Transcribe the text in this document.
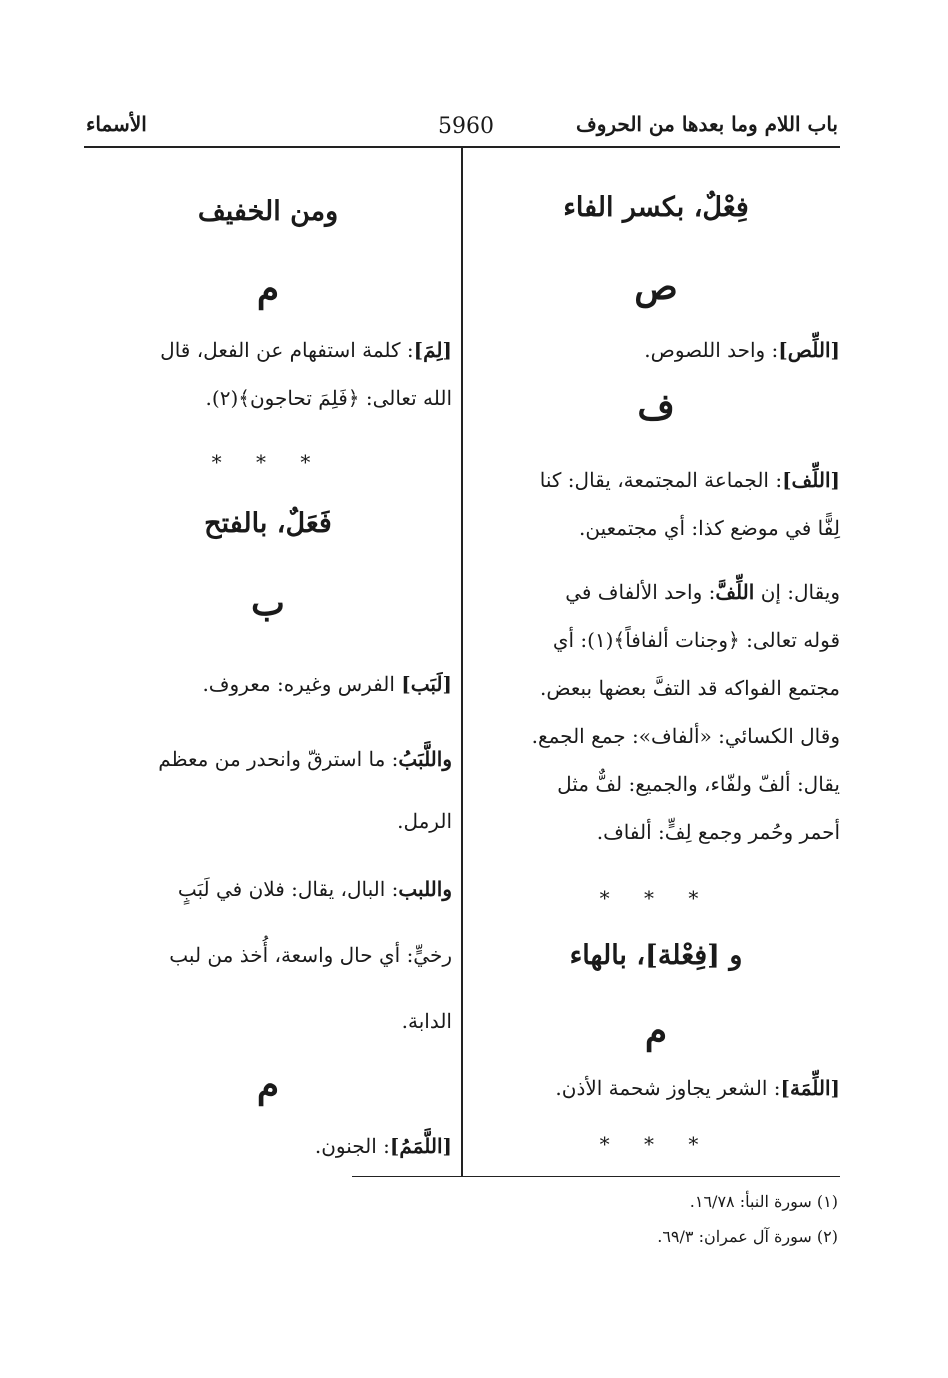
باب اللام وما بعدها من الحروف
5960
الأسماء
فِعْلٌ، بكسر الفاء
ص

[اللِّص]: واحد اللصوص.

ف

[اللِّف]: الجماعة المجتمعة، يقال: كنا

لِفًّا في موضع كذا: أي مجتمعين.

ويقال: إن اللِّفَّ: واحد الألفاف في

قوله تعالى: ﴿وجنات ألفافاً﴾(١): أي

مجتمع الفواكه قد التفَّ بعضها ببعض.

وقال الكسائي: «ألفاف»: جمع الجمع.

يقال: ألفّ ولفّاء، والجميع: لفٌّ مثل

أحمر وحُمر وجمع لِفٍّ: ألفاف.

* * *
و [فِعْلة]، بالهاء
م

[اللِّمَة]: الشعر يجاوز شحمة الأذن.

* * *
ومن الخفيف
م

[لِمَ]: كلمة استفهام عن الفعل، قال

الله تعالى: ﴿فَلِمَ تحاجون﴾(٢).

* * *
فَعَلٌ، بالفتح
ب

[لَبَب] الفرس وغيره: معروف.

واللَّبَبُ: ما استرقّ وانحدر من معظم

الرمل.

واللبب: البال، يقال: فلان في لَبَبٍ

رخيٍّ: أي حال واسعة، أُخذ من لبب

الدابة.

م

[اللَّمَمُ]: الجنون.

(١) سورة النبأ: ١٦/٧٨.
(٢) سورة آل عمران: ٦٩/٣.
